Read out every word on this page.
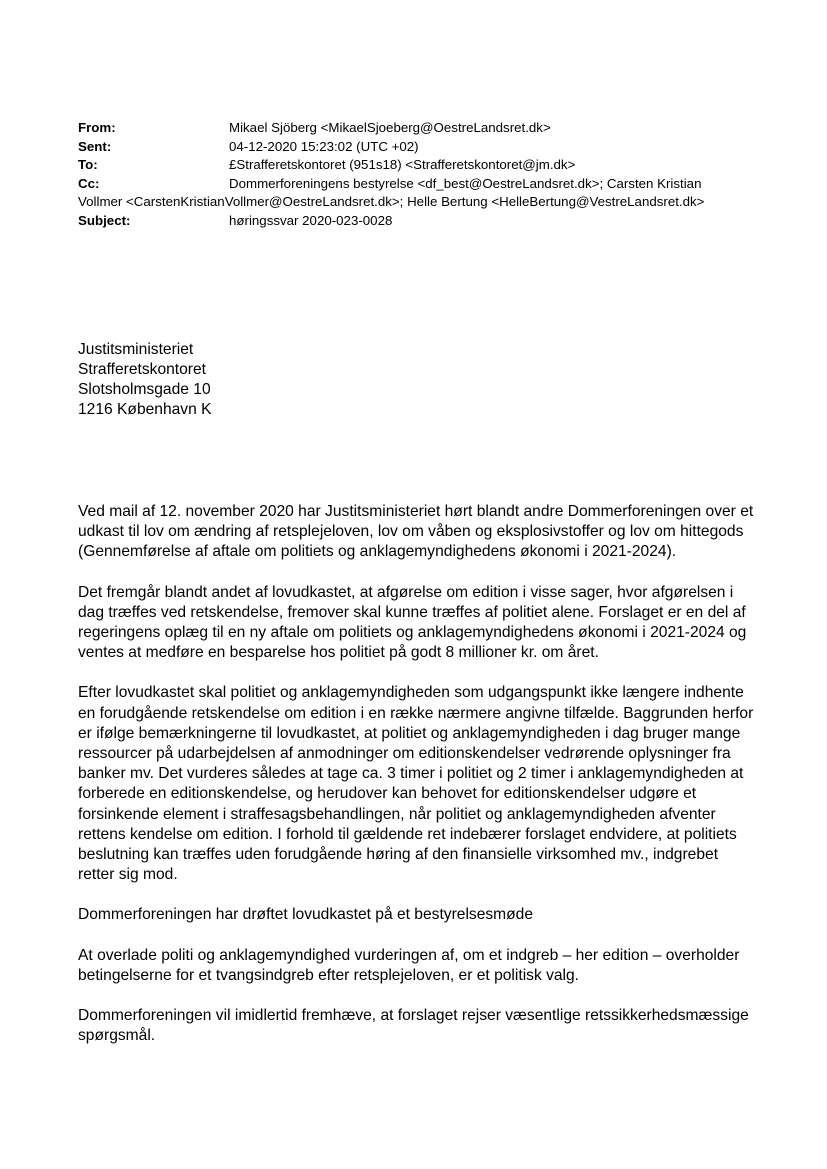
From:	Mikael Sjöberg <MikaelSjoeberg@OestreLandsret.dk>
Sent:	04-12-2020 15:23:02 (UTC +02)
To:	£Strafferetskontoret (951s18) <Strafferetskontoret@jm.dk>
Cc:	Dommerforeningens bestyrelse <df_best@OestreLandsret.dk>; Carsten Kristian
Vollmer <CarstenKristianVollmer@OestreLandsret.dk>; Helle Bertung <HelleBertung@VestreLandsret.dk>
Subject:	høringssvar 2020-023-0028
Justitsministeriet
Strafferetskontoret
Slotsholmsgade 10
1216 København K

Ved mail af 12. november 2020 har Justitsministeriet hørt blandt andre Dommerforeningen over et udkast til lov om ændring af retsplejeloven, lov om våben og eksplosivstoffer og lov om hittegods (Gennemførelse af aftale om politiets og anklagemyndighedens økonomi i 2021-2024).

Det fremgår blandt andet af lovudkastet, at afgørelse om edition i visse sager, hvor afgørelsen i dag træffes ved retskendelse, fremover skal kunne træffes af politiet alene. Forslaget er en del af regeringens oplæg til en ny aftale om politiets og anklagemyndighedens økonomi i 2021-2024 og ventes at medføre en besparelse hos politiet på godt 8 millioner kr. om året.

Efter lovudkastet skal politiet og anklagemyndigheden som udgangspunkt ikke længere indhente en forudgående retskendelse om edition i en række nærmere angivne tilfælde. Baggrunden herfor er ifølge bemærkningerne til lovudkastet, at politiet og anklagemyndigheden i dag bruger mange ressourcer på udarbejdelsen af anmodninger om editionskendelser vedrørende oplysninger fra banker mv. Det vurderes således at tage ca. 3 timer i politiet og 2 timer i anklagemyndigheden at forberede en editionskendelse, og herudover kan behovet for editionskendelser udgøre et forsinkende element i straffesagsbehandlingen, når politiet og anklagemyndigheden afventer rettens kendelse om edition. I forhold til gældende ret indebærer forslaget endvidere, at politiets beslutning kan træffes uden forudgående høring af den finansielle virksomhed mv., indgrebet retter sig mod.

Dommerforeningen har drøftet lovudkastet på et bestyrelsesmøde

At overlade politi og anklagemyndighed vurderingen af, om et indgreb – her edition – overholder betingelserne for et tvangsindgreb efter retsplejeloven, er et politisk valg.

Dommerforeningen vil imidlertid fremhæve, at forslaget rejser væsentlige retssikkerhedsmæssige spørgsmål.
